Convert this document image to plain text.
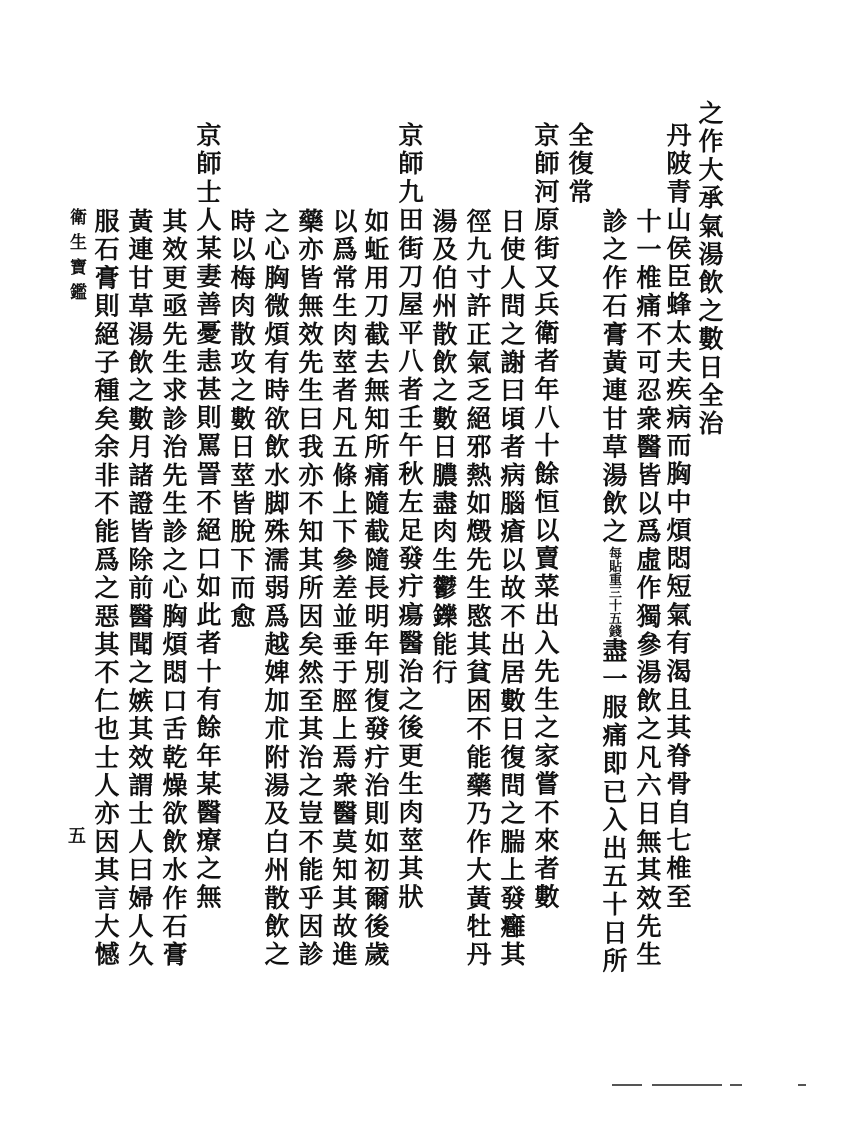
之作大承氣湯飲之數日全治
丹陂青山侯臣蜂太夫疾病而胸中煩悶短氣有渴且其脊骨自七椎至
十一椎痛不可忍衆醫皆以爲虛作獨參湯飲之凡六日無其效先生
診之作石膏黃連甘草湯飲之每貼重三十五錢盡一服痛即已入出五十日所
全復常
京師河原街又兵衛者年八十餘恒以賣菜出入先生之家嘗不來者數
日使人問之謝曰頃者病腦瘡以故不出居數日復問之腨上發癰其
徑九寸許正氣乏絕邪熱如燬先生愍其貧困不能藥乃作大黃牡丹
湯及伯州散飲之數日膿盡肉生鬱鑠能行
京師九田街刀屋平八者壬午秋左足發疔瘍醫治之後更生肉莖其狀
如蚯用刀截去無知所痛隨截隨長明年別復發疔治則如初爾後歲
以爲常生肉莖者凡五條上下參差並垂于脛上焉衆醫莫知其故進
藥亦皆無效先生曰我亦不知其所因矣然至其治之豈不能乎因診
之心胸微煩有時欲飲水脚殊濡弱爲越婢加朮附湯及白州散飲之
時以梅肉散攻之數日莖皆脫下而愈
京師士人某妻善憂恚甚則罵詈不絕口如此者十有餘年某醫療之無
其效更亟先生求診治先生診之心胸煩悶口舌乾燥欲飲水作石膏
黃連甘草湯飲之數月諸證皆除前醫聞之嫉其效謂士人曰婦人久
服石膏則絕子種矣余非不能爲之惡其不仁也士人亦因其言大憾
衛生寶鑑
五
